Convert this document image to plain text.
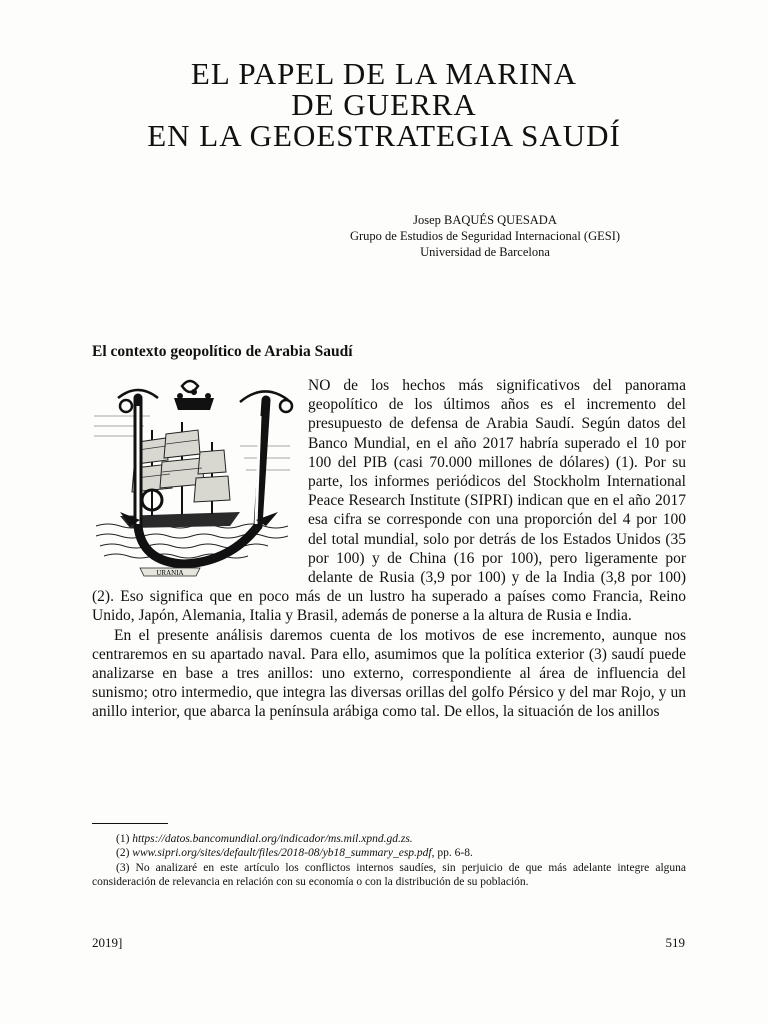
EL PAPEL DE LA MARINA
DE GUERRA
EN LA GEOESTRATEGIA SAUDÍ
Josep BAQUÉS QUESADA
Grupo de Estudios de Seguridad Internacional (GESI)
Universidad de Barcelona
El contexto geopolítico de Arabia Saudí
URANIA

NO de los hechos más significativos del panorama geopolítico de los últimos años es el incremento del presupuesto de defensa de Arabia Saudí. Según datos del Banco Mundial, en el año 2017 habría superado el 10 por 100 del PIB (casi 70.000 millones de dólares) (1). Por su parte, los informes periódicos del Stockholm International Peace Research Institute (SIPRI) indican que en el año 2017 esa cifra se corresponde con una proporción del 4 por 100 del total mundial, solo por detrás de los Estados Unidos (35 por 100) y de China (16 por 100), pero ligeramente por delante de Rusia (3,9 por 100) y de la India (3,8 por 100) (2). Eso significa que en poco más de un lustro ha superado a países como Francia, Reino Unido, Japón, Alemania, Italia y Brasil, además de ponerse a la altura de Rusia e India.

En el presente análisis daremos cuenta de los motivos de ese incremento, aunque nos centraremos en su apartado naval. Para ello, asumimos que la política exterior (3) saudí puede analizarse en base a tres anillos: uno externo, correspondiente al área de influencia del sunismo; otro intermedio, que integra las diversas orillas del golfo Pérsico y del mar Rojo, y un anillo interior, que abarca la península arábiga como tal. De ellos, la situación de los anillos

(1) https://datos.bancomundial.org/indicador/ms.mil.xpnd.gd.zs.

(2) www.sipri.org/sites/default/files/2018-08/yb18_summary_esp.pdf, pp. 6-8.

(3) No analizaré en este artículo los conflictos internos saudíes, sin perjuicio de que más adelante integre alguna consideración de relevancia en relación con su economía o con la distribución de su población.

2019]	519
